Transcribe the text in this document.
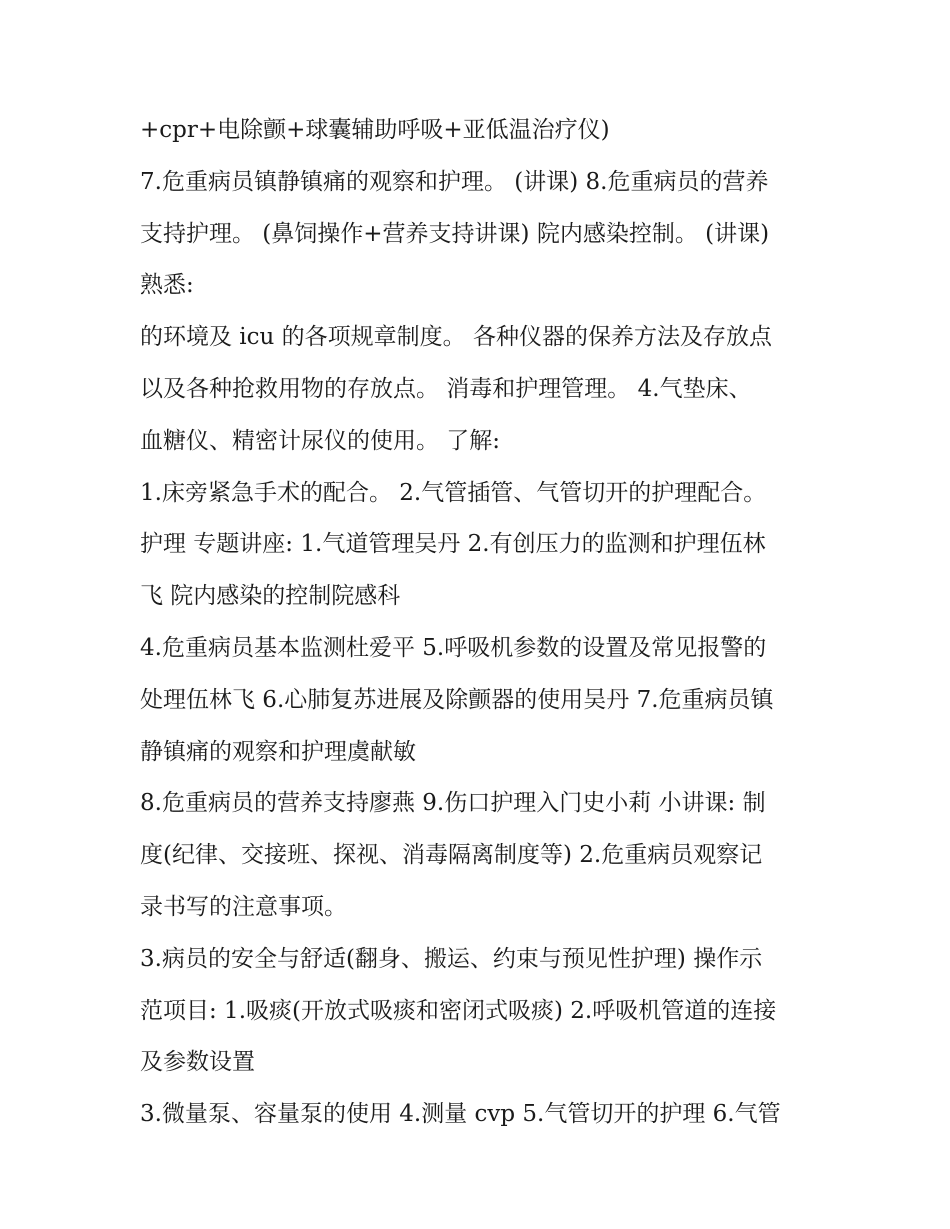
+cpr+电除颤+球囊辅助呼吸+亚低温治疗仪)
7.危重病员镇静镇痛的观察和护理。 (讲课) 8.危重病员的营养
支持护理。 (鼻饲操作+营养支持讲课) 院内感染控制。 (讲课)
熟悉:
的环境及 icu 的各项规章制度。 各种仪器的保养方法及存放点
以及各种抢救用物的存放点。 消毒和护理管理。 4.气垫床、
血糖仪、精密计尿仪的使用。 了解:
1.床旁紧急手术的配合。 2.气管插管、气管切开的护理配合。
护理 专题讲座: 1.气道管理吴丹 2.有创压力的监测和护理伍林
飞 院内感染的控制院感科
4.危重病员基本监测杜爱平 5.呼吸机参数的设置及常见报警的
处理伍林飞 6.心肺复苏进展及除颤器的使用吴丹 7.危重病员镇
静镇痛的观察和护理虞献敏
8.危重病员的营养支持廖燕 9.伤口护理入门史小莉 小讲课: 制
度(纪律、交接班、探视、消毒隔离制度等) 2.危重病员观察记
录书写的注意事项。
3.病员的安全与舒适(翻身、搬运、约束与预见性护理) 操作示
范项目: 1.吸痰(开放式吸痰和密闭式吸痰) 2.呼吸机管道的连接
及参数设置
3.微量泵、容量泵的使用 4.测量 cvp 5.气管切开的护理 6.气管
